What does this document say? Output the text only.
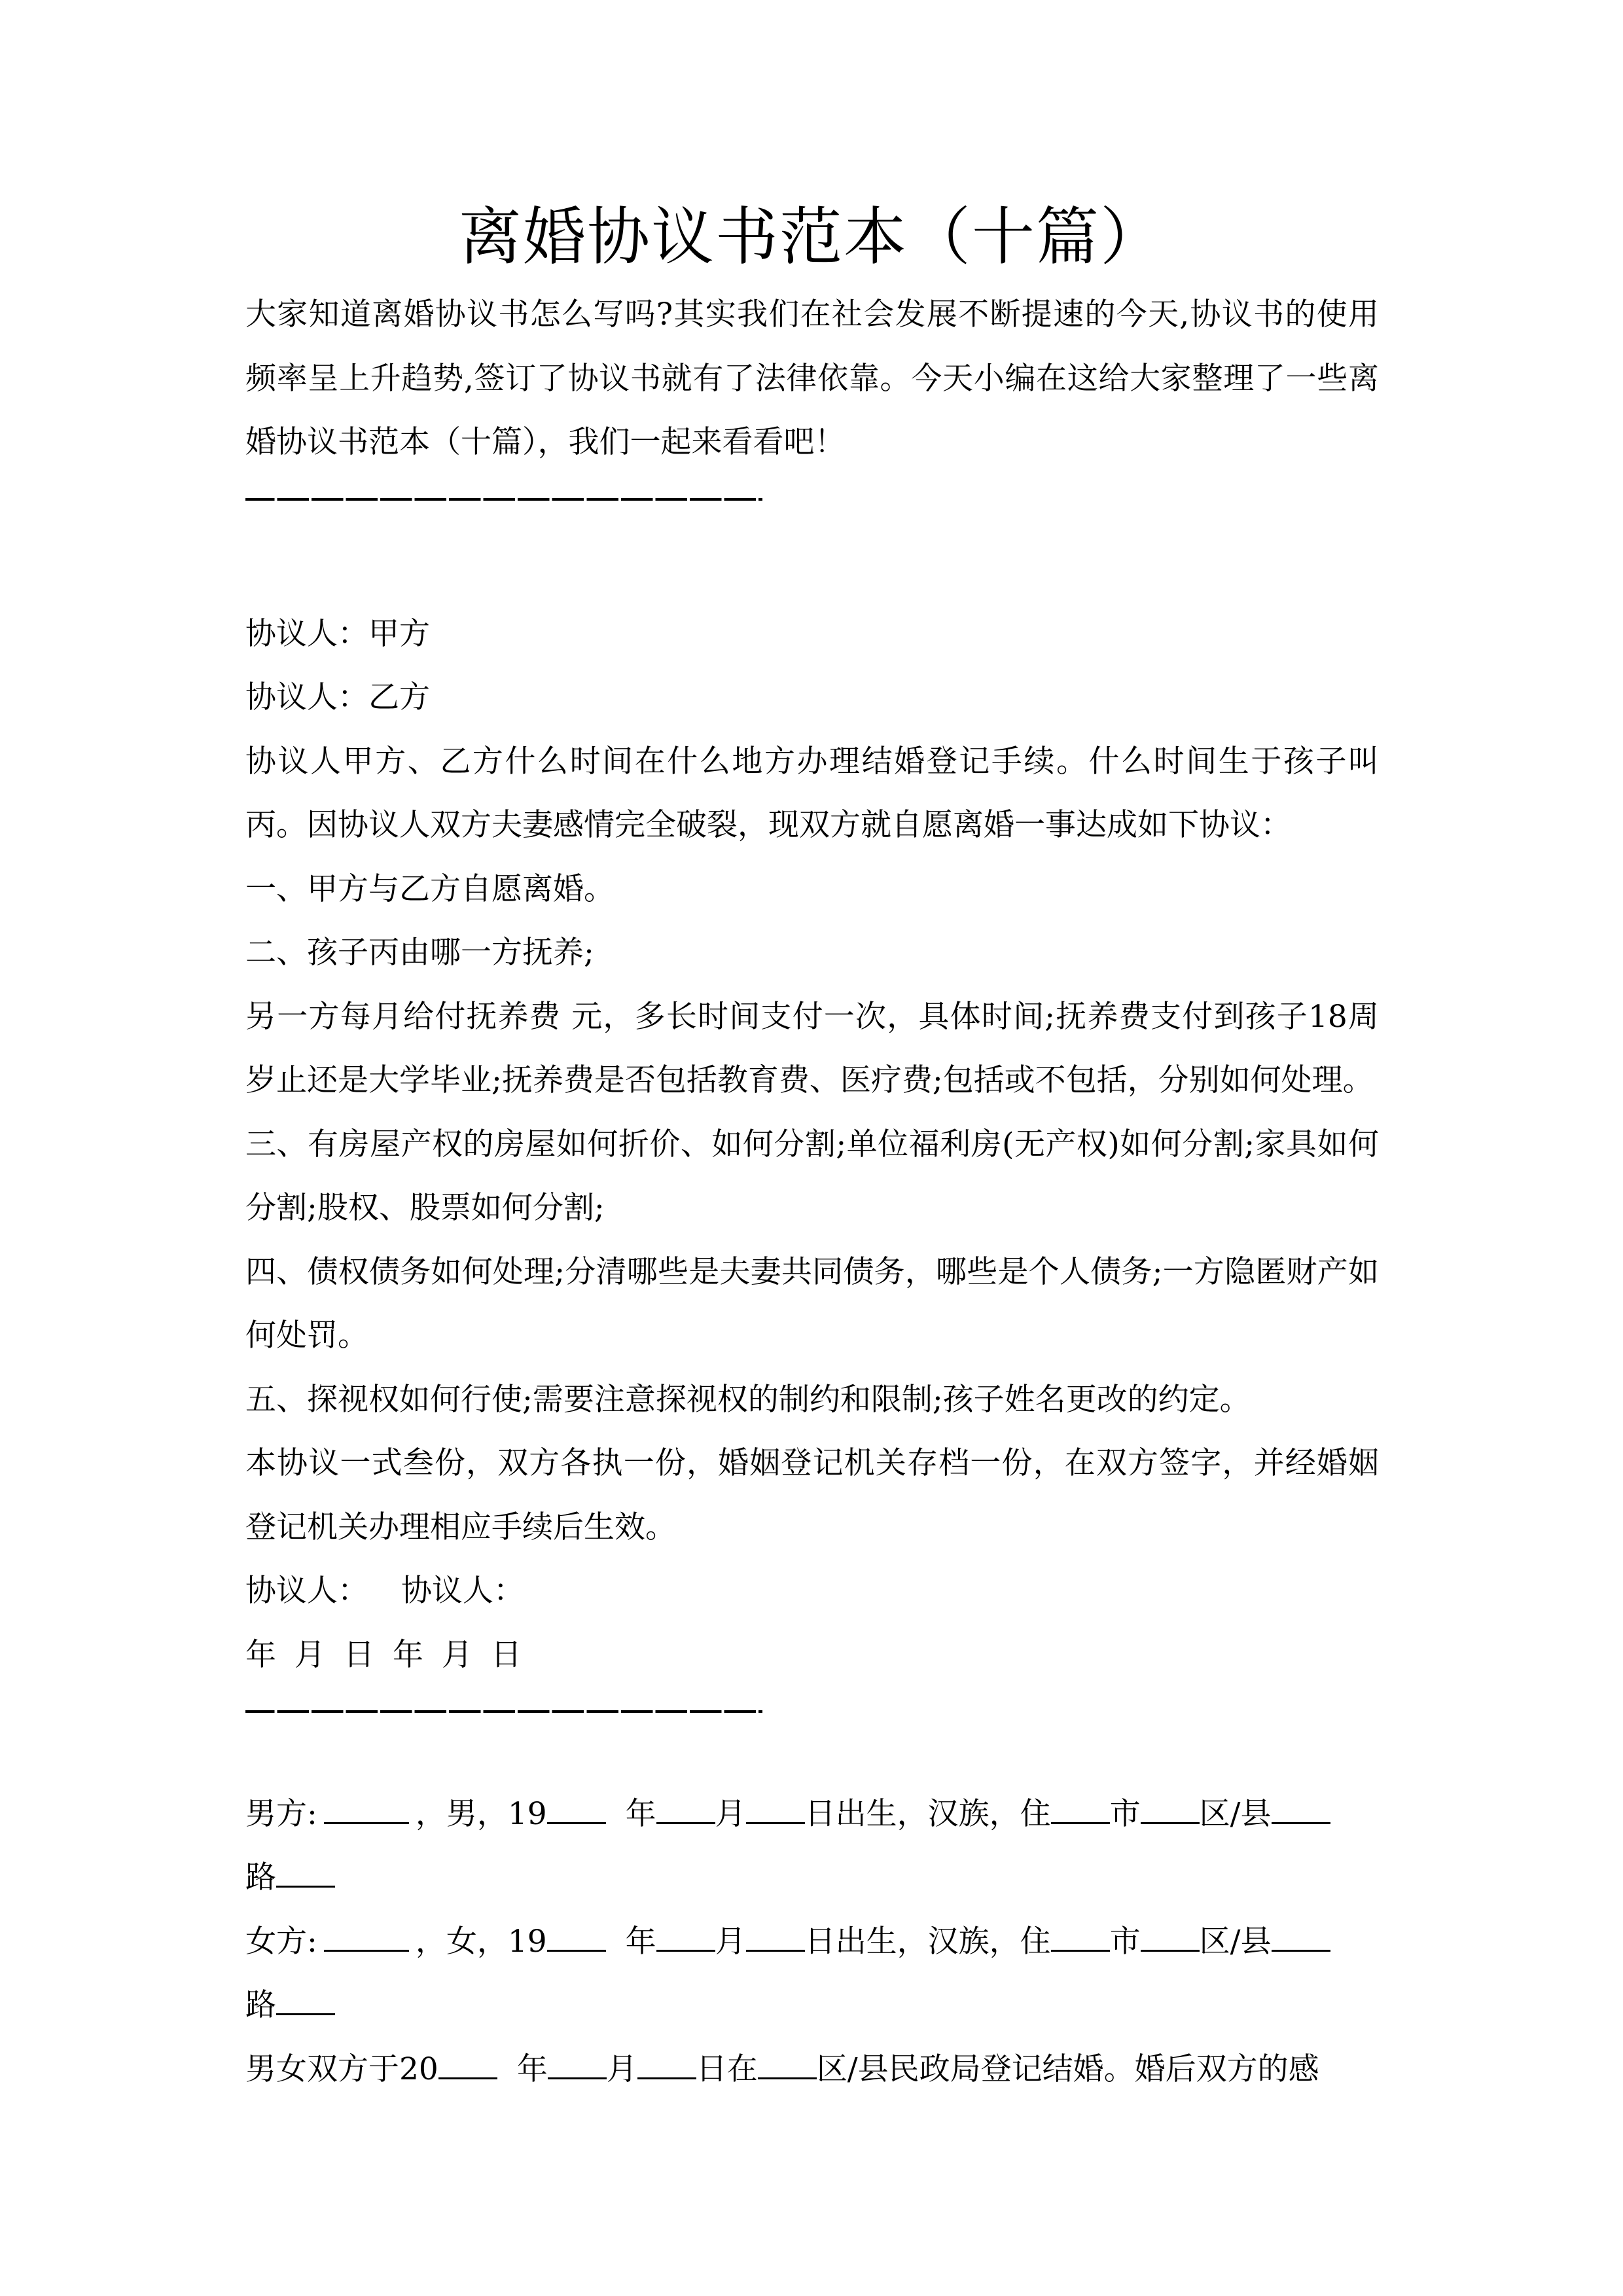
离婚协议书范本（十篇）

大家知道离婚协议书怎么写吗?其实我们在社会发展不断提速的今天,协议书的使用频率呈上升趋势,签订了协议书就有了法律依靠。今天小编在这给大家整理了一些离婚协议书范本（十篇），我们一起来看看吧！

协议人：甲方

协议人：乙方

协议人甲方、乙方什么时间在什么地方办理结婚登记手续。什么时间生于孩子叫丙。因协议人双方夫妻感情完全破裂，现双方就自愿离婚一事达成如下协议：

一、甲方与乙方自愿离婚。

二、孩子丙由哪一方抚养;

另一方每月给付抚养费 元，多长时间支付一次，具体时间;抚养费支付到孩子18周岁止还是大学毕业;抚养费是否包括教育费、医疗费;包括或不包括，分别如何处理。

三、有房屋产权的房屋如何折价、如何分割;单位福利房(无产权)如何分割;家具如何分割;股权、股票如何分割;

四、债权债务如何处理;分清哪些是夫妻共同债务，哪些是个人债务;一方隐匿财产如何处罚。

五、探视权如何行使;需要注意探视权的制约和限制;孩子姓名更改的约定。

本协议一式叁份，双方各执一份，婚姻登记机关存档一份，在双方签字，并经婚姻登记机关办理相应手续后生效。

协议人： 协议人：

年 月 日 年 月 日

男方:	，男，19	年 月 日出生，汉族，住 市 区/县

路

女方:	，女，19	年 月 日出生，汉族，住 市 区/县

路

男女双方于20	年 月 日在 区/县民政局登记结婚。婚后双方的感
